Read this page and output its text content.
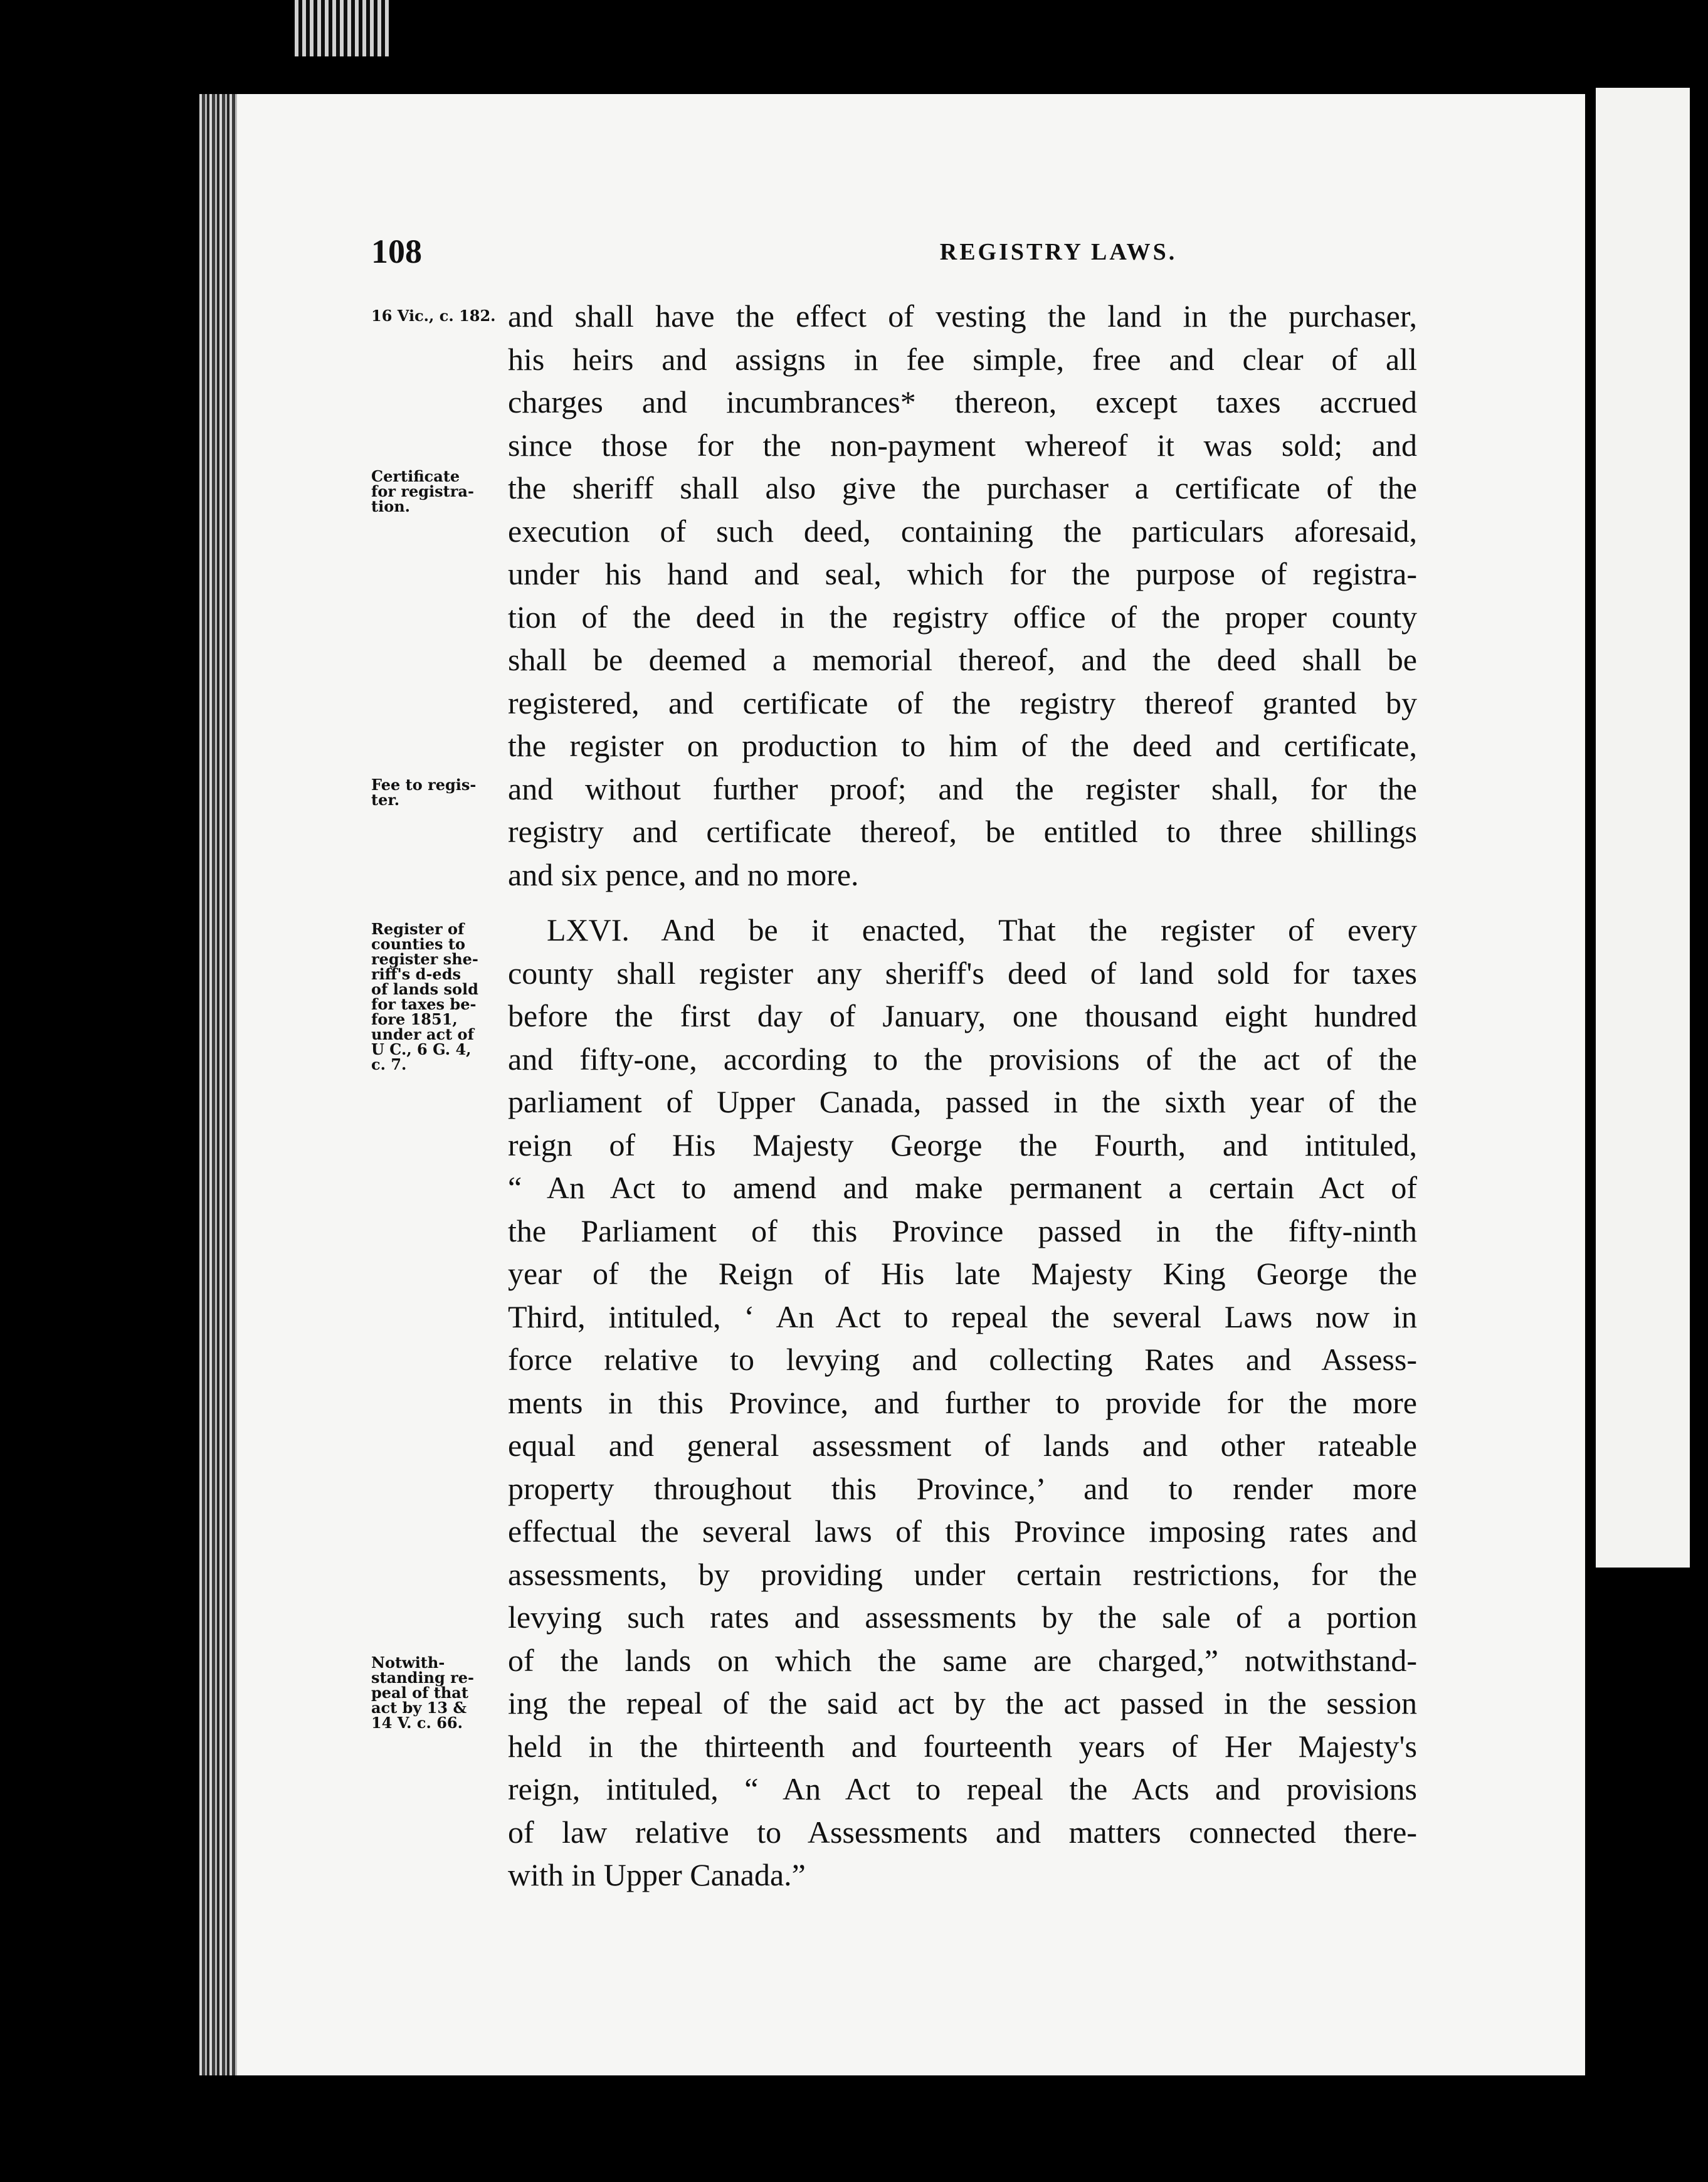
108	REGISTRY LAWS.
16 Vic., c. 182.
Certificate
for registra-
tion.
Fee to regis-
ter.
Register of
counties to
register she-
riff's d-eds
of lands sold
for taxes be-
fore 1851,
under act of
U C., 6 G. 4,
c. 7.
Notwith-
standing re-
peal of that
act by 13 &
14 V. c. 66.
and shall have the effect of vesting the land in the purchaser,
his heirs and assigns in fee simple, free and clear of all
charges and incumbrances* thereon, except taxes accrued
since those for the non-payment whereof it was sold; and
the sheriff shall also give the purchaser a certificate of the
execution of such deed, containing the particulars aforesaid,
under his hand and seal, which for the purpose of registra-
tion of the deed in the registry office of the proper county
shall be deemed a memorial thereof, and the deed shall be
registered, and certificate of the registry thereof granted by
the register on production to him of the deed and certificate,
and without further proof; and the register shall, for the
registry and certificate thereof, be entitled to three shillings
and six pence, and no more.
LXVI. And be it enacted, That the register of every
county shall register any sheriff's deed of land sold for taxes
before the first day of January, one thousand eight hundred
and fifty-one, according to the provisions of the act of the
parliament of Upper Canada, passed in the sixth year of the
reign of His Majesty George the Fourth, and intituled,
“ An Act to amend and make permanent a certain Act of
the Parliament of this Province passed in the fifty-ninth
year of the Reign of His late Majesty King George the
Third, intituled, ‘ An Act to repeal the several Laws now in
force relative to levying and collecting Rates and Assess-
ments in this Province, and further to provide for the more
equal and general assessment of lands and other rateable
property throughout this Province,’ and to render more
effectual the several laws of this Province imposing rates and
assessments, by providing under certain restrictions, for the
levying such rates and assessments by the sale of a portion
of the lands on which the same are charged,” notwithstand-
ing the repeal of the said act by the act passed in the session
held in the thirteenth and fourteenth years of Her Majesty's
reign, intituled, “ An Act to repeal the Acts and provisions
of law relative to Assessments and matters connected there-
with in Upper Canada.”
